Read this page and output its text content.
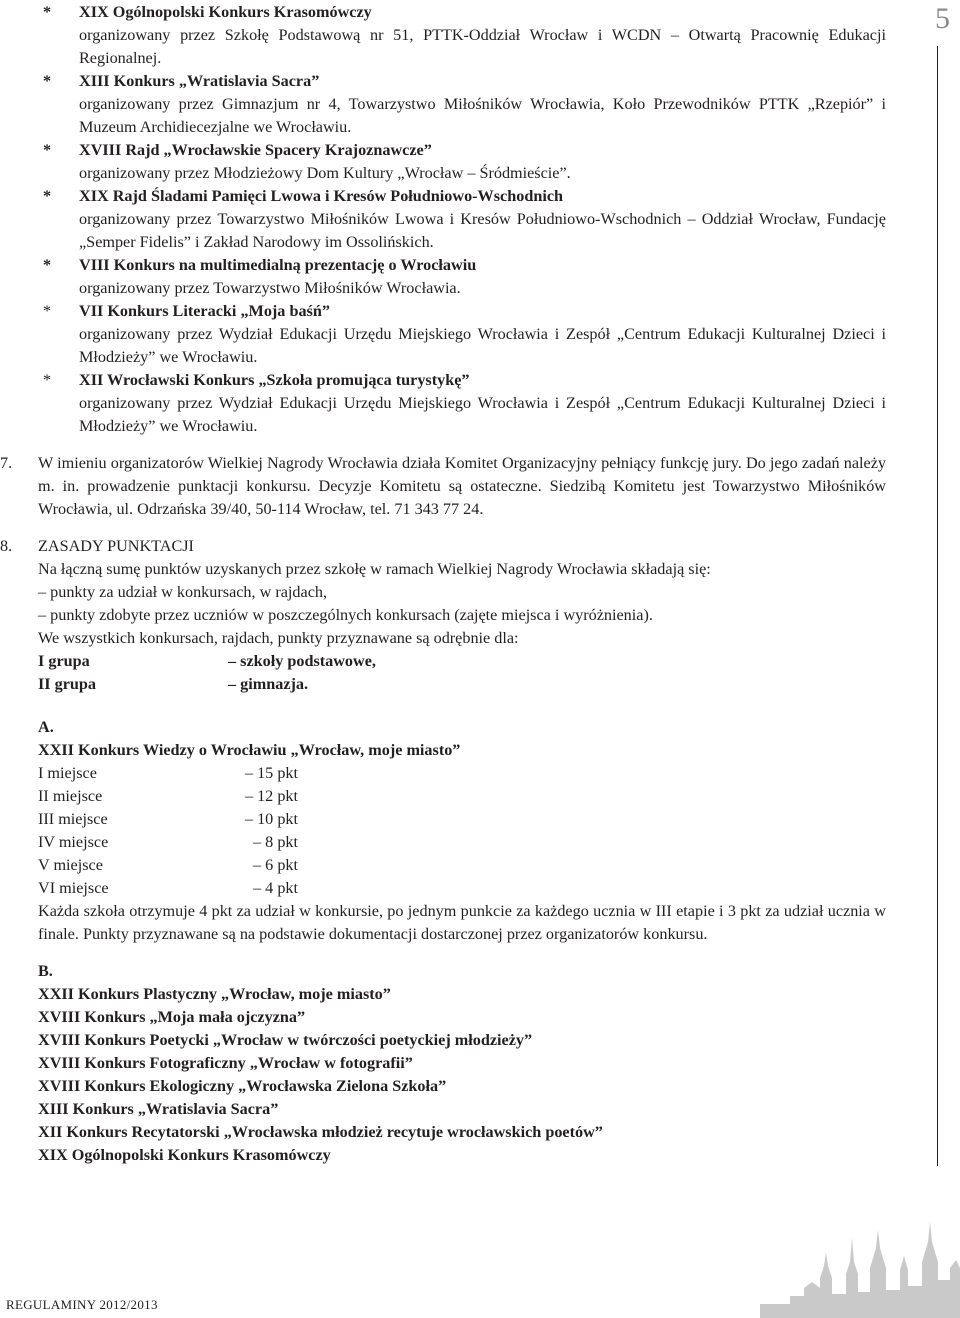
5
* XIX Ogólnopolski Konkurs Krasomówczy
organizowany przez Szkołę Podstawową nr 51, PTTK-Oddział Wrocław i WCDN – Otwartą Pracownię Edukacji Regionalnej.
* XIII Konkurs „Wratislavia Sacra”
organizowany przez Gimnazjum nr 4, Towarzystwo Miłośników Wrocławia, Koło Przewodników PTTK „Rzepiór” i Muzeum Archidiecezjalne we Wrocławiu.
* XVIII Rajd „Wrocławskie Spacery Krajoznawcze”
organizowany przez Młodzieżowy Dom Kultury „Wrocław – Śródmieście”.
* XIX Rajd Śladami Pamięci Lwowa i Kresów Południowo-Wschodnich
organizowany przez Towarzystwo Miłośników Lwowa i Kresów Południowo-Wschodnich – Oddział Wrocław, Fundację „Semper Fidelis” i Zakład Narodowy im Ossolińskich.
* VIII Konkurs na multimedialną prezentację o Wrocławiu
organizowany przez Towarzystwo Miłośników Wrocławia.
* VII Konkurs Literacki „Moja baśń”
organizowany przez Wydział Edukacji Urzędu Miejskiego Wrocławia i Zespół „Centrum Edukacji Kulturalnej Dzieci i Młodzieży” we Wrocławiu.
* XII Wrocławski Konkurs „Szkoła promująca turystykę”
organizowany przez Wydział Edukacji Urzędu Miejskiego Wrocławia i Zespół „Centrum Edukacji Kulturalnej Dzieci i Młodzieży” we Wrocławiu.
7. W imieniu organizatorów Wielkiej Nagrody Wrocławia działa Komitet Organizacyjny pełniący funkcję jury. Do jego zadań należy m. in. prowadzenie punktacji konkursu. Decyzje Komitetu są ostateczne. Siedzibą Komitetu jest Towarzystwo Miłośników Wrocławia, ul. Odrzańska 39/40, 50-114 Wrocław, tel. 71 343 77 24.
8. ZASADY PUNKTACJI
Na łączną sumę punktów uzyskanych przez szkołę w ramach Wielkiej Nagrody Wrocławia składają się:
– punkty za udział w konkursach, w rajdach,
– punkty zdobyte przez uczniów w poszczególnych konkursach (zajęte miejsca i wyróżnienia).
We wszystkich konkursach, rajdach, punkty przyznawane są odrębnie dla:
I grupa	– szkoły podstawowe,
II grupa	– gimnazja.
A.
XXII Konkurs Wiedzy o Wrocławiu „Wrocław, moje miasto”
I miejsce	– 15 pkt
II miejsce	– 12 pkt
III miejsce	– 10 pkt
IV miejsce	– 8 pkt
V miejsce	– 6 pkt
VI miejsce	– 4 pkt
Każda szkoła otrzymuje 4 pkt za udział w konkursie, po jednym punkcie za każdego ucznia w III etapie i 3 pkt za udział ucznia w finale. Punkty przyznawane są na podstawie dokumentacji dostarczonej przez organizatorów konkursu.
B.
XXII Konkurs Plastyczny „Wrocław, moje miasto”
XVIII Konkurs „Moja mała ojczyzna”
XVIII Konkurs Poetycki „Wrocław w twórczości poetyckiej młodzieży”
XVIII Konkurs Fotograficzny „Wrocław w fotografii”
XVIII Konkurs Ekologiczny „Wrocławska Zielona Szkoła”
XIII Konkurs „Wratislavia Sacra”
XII Konkurs Recytatorski „Wrocławska młodzież recytuje wrocławskich poetów”
XIX Ogólnopolski Konkurs Krasomówczy
REGULAMINY 2012/2013
